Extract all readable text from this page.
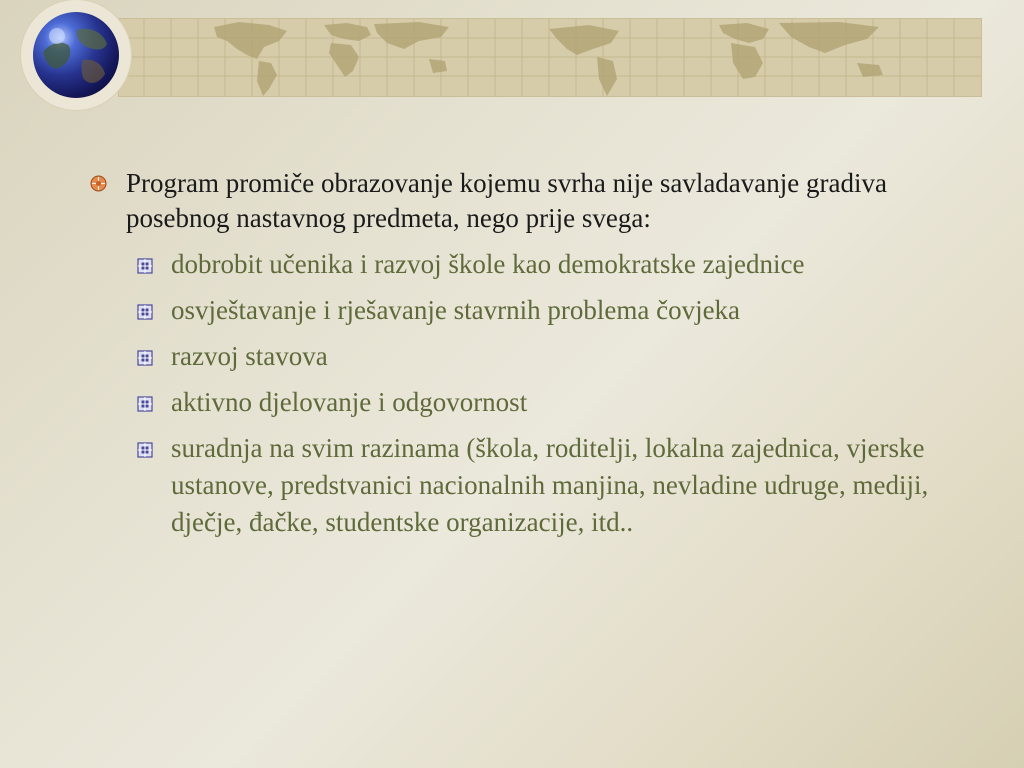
Program promiče obrazovanje kojemu svrha nije savladavanje gradiva posebnog nastavnog predmeta, nego prije svega:
dobrobit učenika i razvoj škole kao demokratske zajednice
osvještavanje i rješavanje stavrnih problema čovjeka
razvoj stavova
aktivno djelovanje i odgovornost
suradnja na svim razinama (škola, roditelji, lokalna zajednica, vjerske ustanove, predstvanici nacionalnih manjina, nevladine udruge, mediji, dječje, đačke, studentske organizacije, itd..
